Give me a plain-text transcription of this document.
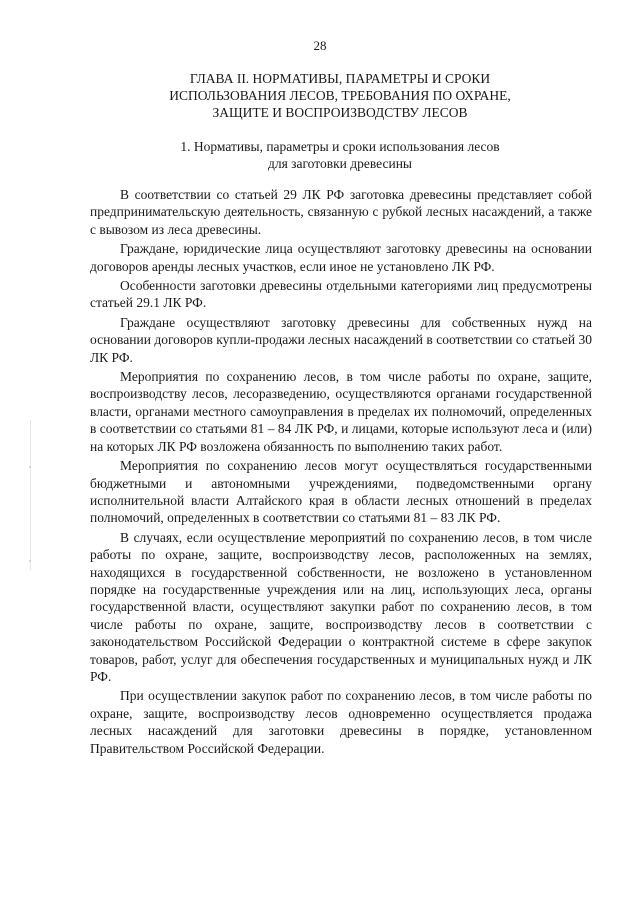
28
ГЛАВА II. НОРМАТИВЫ, ПАРАМЕТРЫ И СРОКИ
ИСПОЛЬЗОВАНИЯ ЛЕСОВ, ТРЕБОВАНИЯ ПО ОХРАНЕ,
ЗАЩИТЕ И ВОСПРОИЗВОДСТВУ ЛЕСОВ
1. Нормативы, параметры и сроки использования лесов
для заготовки древесины

В соответствии со статьей 29 ЛК РФ заготовка древесины представляет собой предпринимательскую деятельность, связанную с рубкой лесных насаждений, а также с вывозом из леса древесины.

Граждане, юридические лица осуществляют заготовку древесины на основании договоров аренды лесных участков, если иное не установлено ЛК РФ.

Особенности заготовки древесины отдельными категориями лиц предусмотрены статьей 29.1 ЛК РФ.

Граждане осуществляют заготовку древесины для собственных нужд на основании договоров купли-продажи лесных насаждений в соответствии со статьей 30 ЛК РФ.

Мероприятия по сохранению лесов, в том числе работы по охране, защите, воспроизводству лесов, лесоразведению, осуществляются органами государственной власти, органами местного самоуправления в пределах их полномочий, определенных в соответствии со статьями 81 – 84 ЛК РФ, и лицами, которые используют леса и (или) на которых ЛК РФ возложена обязанность по выполнению таких работ.

Мероприятия по сохранению лесов могут осуществляться государственными бюджетными и автономными учреждениями, подведомственными органу исполнительной власти Алтайского края в области лесных отношений в пределах полномочий, определенных в соответствии со статьями 81 – 83 ЛК РФ.

В случаях, если осуществление мероприятий по сохранению лесов, в том числе работы по охране, защите, воспроизводству лесов, расположенных на землях, находящихся в государственной собственности, не возложено в установленном порядке на государственные учреждения или на лиц, использующих леса, органы государственной власти, осуществляют закупки работ по сохранению лесов, в том числе работы по охране, защите, воспроизводству лесов в соответствии с законодательством Российской Федерации о контрактной системе в сфере закупок товаров, работ, услуг для обеспечения государственных и муниципальных нужд и ЛК РФ.

При осуществлении закупок работ по сохранению лесов, в том числе работы по охране, защите, воспроизводству лесов одновременно осуществляется продажа лесных насаждений для заготовки древесины в порядке, установленном Правительством Российской Федерации.
